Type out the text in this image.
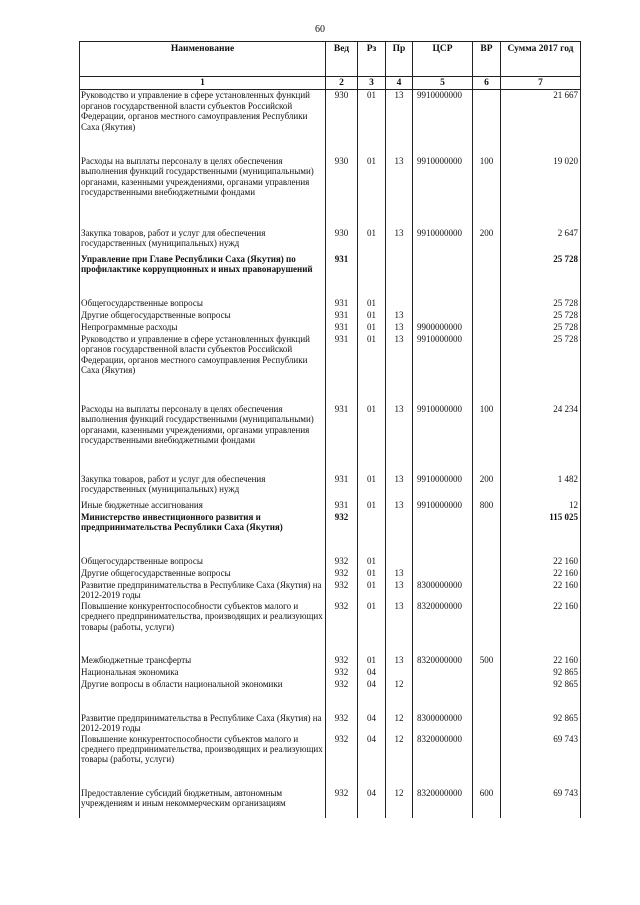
60
Наименование	Вед	Рз	Пр	ЦСР	ВР	Сумма 2017 год
1	2	3	4	5	6	7
Руководство и управление в сфере установленных функций органов государственной власти субъектов Российской Федерации, органов местного самоуправления Республики Саха (Якутия)	930	01	13	9910000000		21 667
Расходы на выплаты персоналу в целях обеспечения выполнения функций государственными (муниципальными) органами, казенными учреждениями, органами управления государственными внебюджетными фондами	930	01	13	9910000000	100	19 020
Закупка товаров, работ и услуг для обеспечения государственных (муниципальных) нужд	930	01	13	9910000000	200	2 647
Управление при Главе Республики Саха (Якутия) по профилактике коррупционных и иных правонарушений	931					25 728
Общегосударственные вопросы	931	01				25 728
Другие общегосударственные вопросы	931	01	13			25 728
Непрограммные расходы	931	01	13	9900000000		25 728
Руководство и управление в сфере установленных функций органов государственной власти субъектов Российской Федерации, органов местного самоуправления Республики Саха (Якутия)	931	01	13	9910000000		25 728
Расходы на выплаты персоналу в целях обеспечения выполнения функций государственными (муниципальными) органами, казенными учреждениями, органами управления государственными внебюджетными фондами	931	01	13	9910000000	100	24 234
Закупка товаров, работ и услуг для обеспечения государственных (муниципальных) нужд	931	01	13	9910000000	200	1 482
Иные бюджетные ассигнования	931	01	13	9910000000	800	12
Министерство инвестиционного развития и предпринимательства Республики Саха (Якутия)	932					115 025
Общегосударственные вопросы	932	01				22 160
Другие общегосударственные вопросы	932	01	13			22 160
Развитие предпринимательства в Республике Саха (Якутия) на 2012-2019 годы	932	01	13	8300000000		22 160
Повышение конкурентоспособности субъектов малого и среднего предпринимательства, производящих и реализующих товары (работы, услуги)	932	01	13	8320000000		22 160
Межбюджетные трансферты	932	01	13	8320000000	500	22 160
Национальная экономика	932	04				92 865
Другие вопросы в области национальной экономики	932	04	12			92 865
Развитие предпринимательства в Республике Саха (Якутия) на 2012-2019 годы	932	04	12	8300000000		92 865
Повышение конкурентоспособности субъектов малого и среднего предпринимательства, производящих и реализующих товары (работы, услуги)	932	04	12	8320000000		69 743
Предоставление субсидий бюджетным, автономным учреждениям и иным некоммерческим организациям	932	04	12	8320000000	600	69 743
